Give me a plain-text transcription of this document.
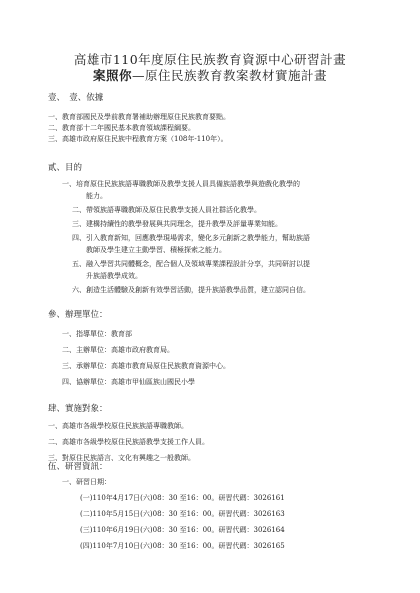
高雄市110年度原住民族教育資源中心研習計畫
案照你—原住民族教育教案教材實施計畫
壹、　壹、依據
一、教育部國民及學前教育署補助辦理原住民族教育要點。
二、教育部十二年國民基本教育領域課程綱要。
三、高雄市政府原住民族中程教育方案（108年-110年）。
貳、目的
一、培育原住民族族語專職教師及教學支援人員具備族語教學與遊戲化教學的
能力。
二、帶領族語專職教師及原住民教學支援人員社群活化教學。
三、建構持續性的教學發展與共同理念，提升教學及評量專業知能。
四、引入教育新知，回應教學現場需求，變化多元創新之教學能力，幫助族語
教師及學生建立主動學習、積極探索之能力。
五、融入學習共同體概念，配合個人及領域專業課程設計分享，共同研討以提
升族語教學成效。
六、創造生活體驗及創新有效學習活動，提升族語教學品質，建立認同自信。
參、辦理單位：
一、指導單位：教育部
二、主辦單位：高雄市政府教育局。
三、承辦單位：高雄市教育局原住民族教育資源中心。
四、協辦單位：高雄市甲仙區族山國民小學
肆、實施對象：
一、高雄市各級學校原住民族族語專職教師。
二、高雄市各級學校原住民族語教學支援工作人員。
三、對原住民族語言、文化有興趣之一般教師。
伍、研習資訊：
一、研習日期：
(一)110年4月17日(六)08：30 至16：00。研習代碼：3026161
(二)110年5月15日(六)08：30 至16：00。研習代碼：3026163
(三)110年6月19日(六)08：30 至16：00。研習代碼：3026164
(四)110年7月10日(六)08：30 至16：00。研習代碼：3026165
